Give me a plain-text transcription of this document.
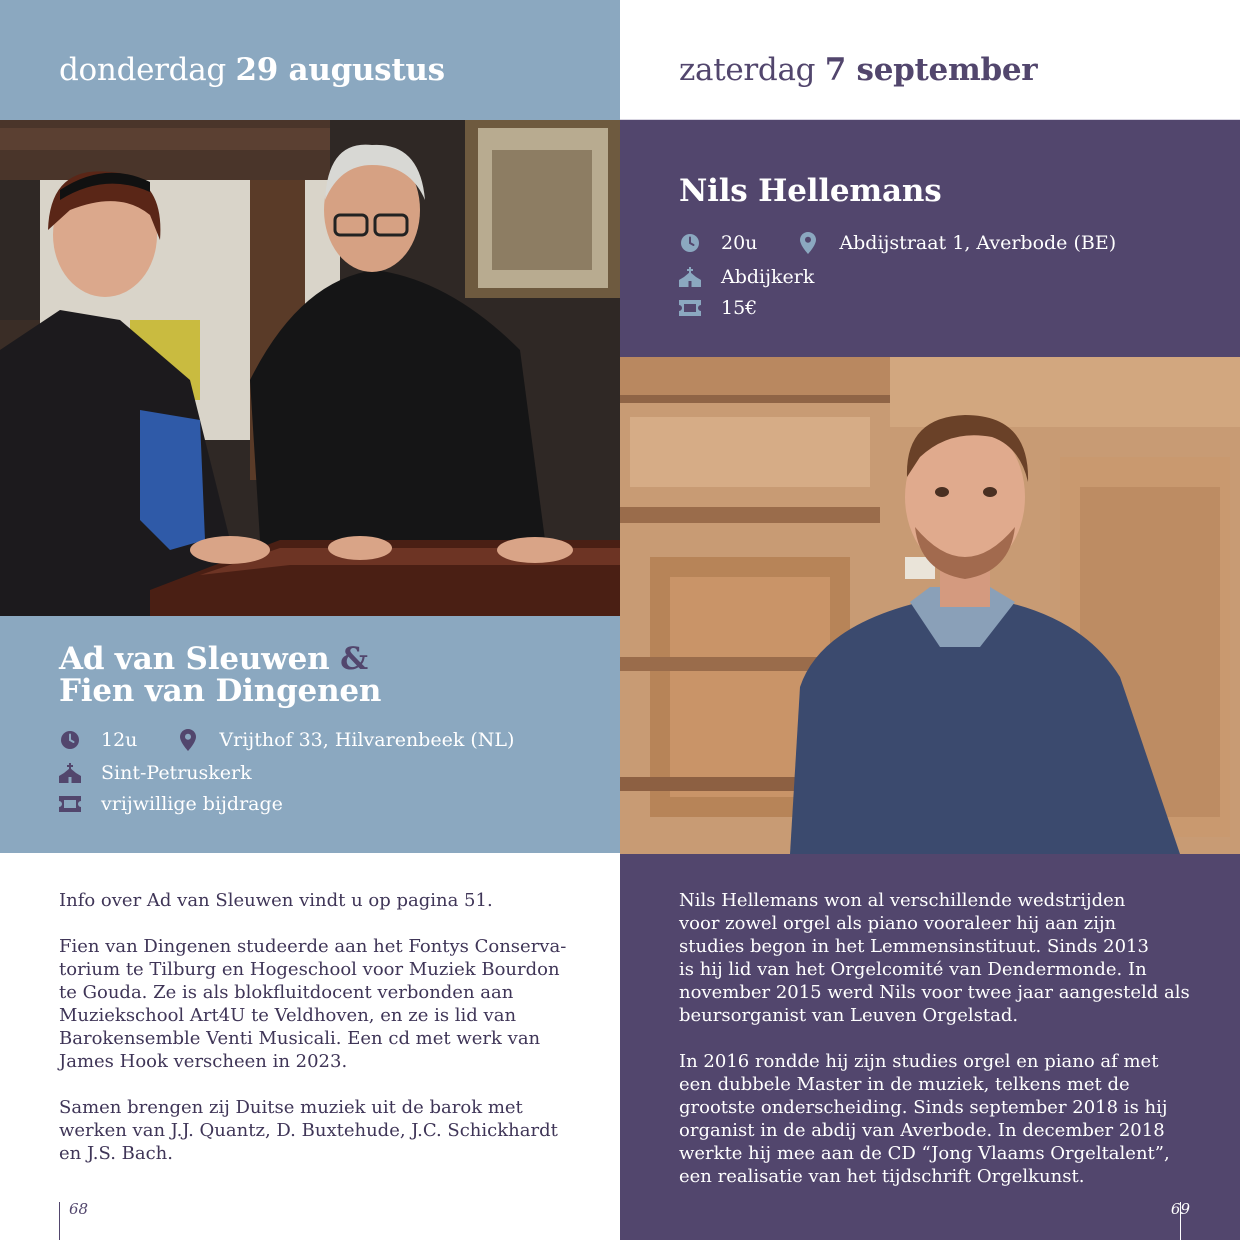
donderdag 29 augustus
Ad van Sleuwen &
Fien van Dingenen
12u	Vrijthof 33, Hilvarenbeek (NL)
Sint-Petruskerk
vrijwillige bijdrage
Info over Ad van Sleuwen vindt u op pagina 51.
Fien van Dingenen studeerde aan het Fontys Conserva-
torium te Tilburg en Hogeschool voor Muziek Bourdon
te Gouda. Ze is als blokfluitdocent verbonden aan
Muziekschool Art4U te Veldhoven, en ze is lid van
Barokensemble Venti Musicali. Een cd met werk van
James Hook verscheen in 2023.
Samen brengen zij Duitse muziek uit de barok met
werken van J.J. Quantz, D. Buxtehude, J.C. Schickhardt
en J.S. Bach.
68
zaterdag 7 september
Nils Hellemans
20u	Abdijstraat 1, Averbode (BE)
Abdijkerk
15€
Nils Hellemans won al verschillende wedstrijden
voor zowel orgel als piano vooraleer hij aan zijn
studies begon in het Lemmensinstituut. Sinds 2013
is hij lid van het Orgelcomité van Dendermonde. In
november 2015 werd Nils voor twee jaar aangesteld als
beursorganist van Leuven Orgelstad.
In 2016 rondde hij zijn studies orgel en piano af met
een dubbele Master in de muziek, telkens met de
grootste onderscheiding. Sinds september 2018 is hij
organist in de abdij van Averbode. In december 2018
werkte hij mee aan de CD “Jong Vlaams Orgeltalent”,
een realisatie van het tijdschrift Orgelkunst.
69
